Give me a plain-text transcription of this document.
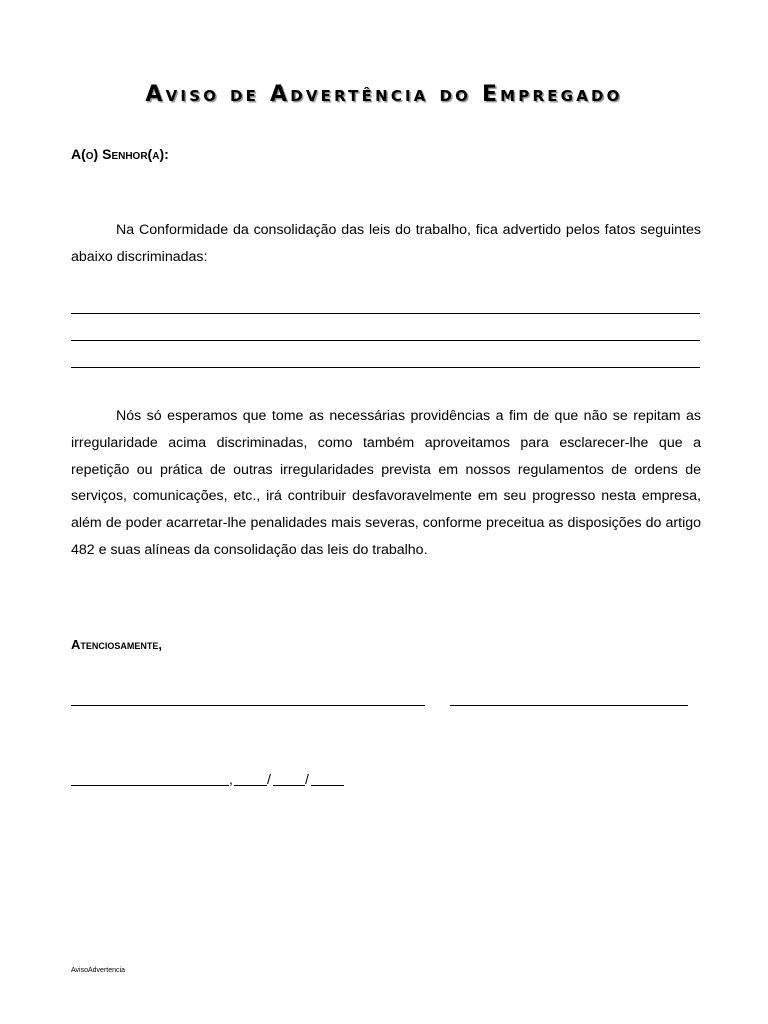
Aviso de Advertência do Empregado
A(o) Senhor(a):
Na Conformidade da consolidação das leis do trabalho, fica advertido pelos fatos seguintes abaixo discriminadas:
Nós só esperamos que tome as necessárias providências a fim de que não se repitam as irregularidade acima discriminadas, como também aproveitamos para esclarecer-lhe que a repetição ou prática de outras irregularidades prevista em nossos regulamentos de ordens de serviços, comunicações, etc., irá contribuir desfavoravelmente em seu progresso nesta empresa, além de poder acarretar-lhe penalidades mais severas, conforme preceitua as disposições do artigo 482 e suas alíneas da consolidação das leis do trabalho.
Atenciosamente,
, / /
AvisoAdvertencia
